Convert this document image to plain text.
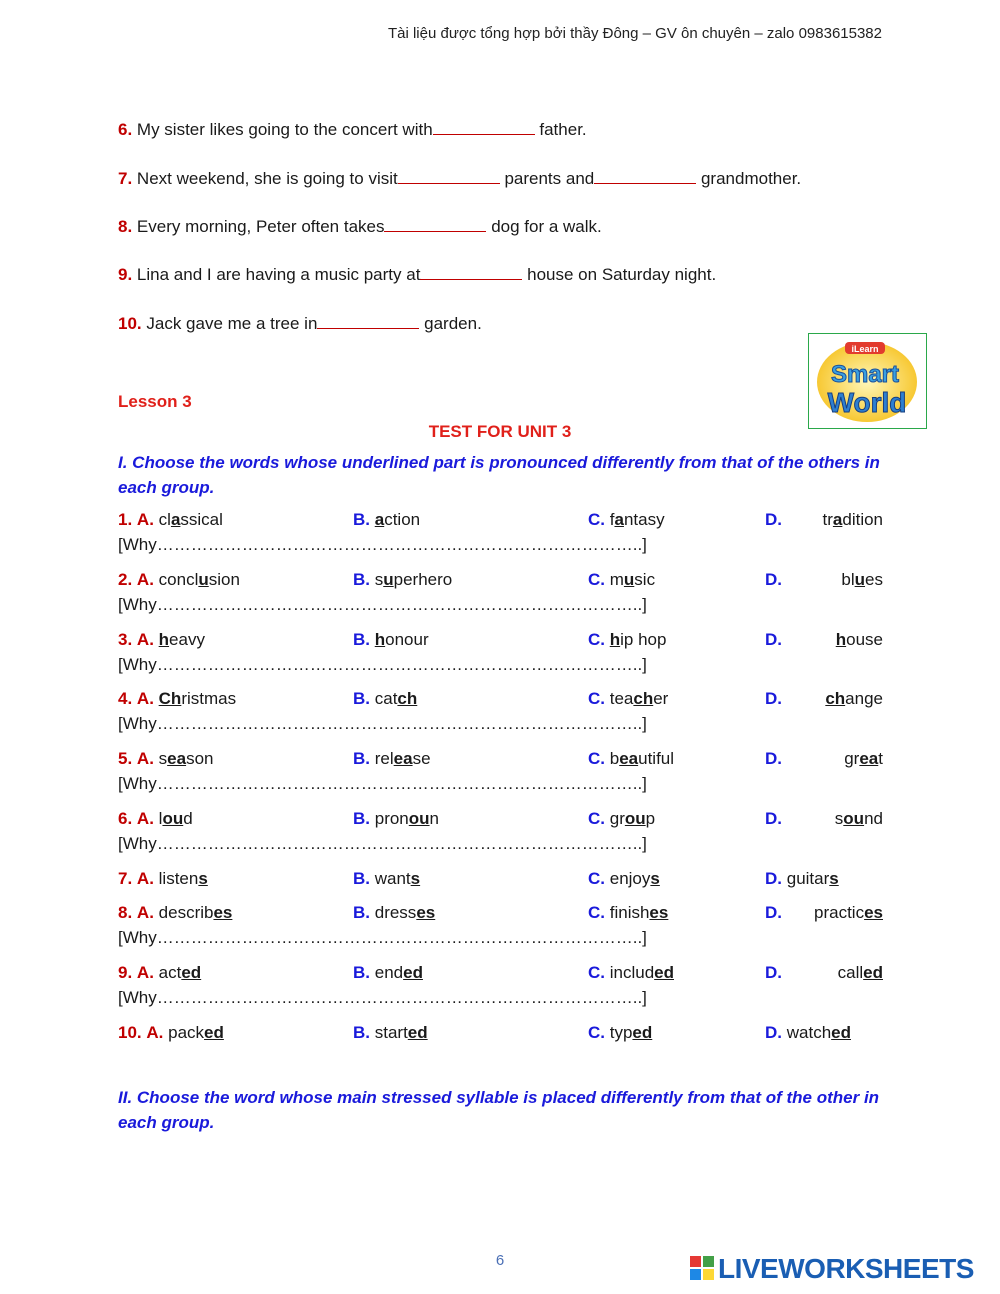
Tài liệu được tổng hợp bởi thầy Đông – GV ôn chuyên – zalo 0983615382
6. My sister likes going to the concert with	father.
7. Next weekend, she is going to visit	parents and	grandmother.
8. Every morning, Peter often takes	dog for a walk.
9. Lina and I are having a music party at	house on Saturday night.
10. Jack gave me a tree in	garden.
iLearn
Smart
World
Lesson 3
TEST FOR UNIT 3
I. Choose the words whose underlined part is pronounced differently from that of the others in each group.
1. A. classical	B. action	C. fantasy	D. tradition
[Why…………………………………………………………………………..]
2. A. conclusion	B. superhero	C. music	D.	blues
[Why…………………………………………………………………………..]
3. A. heavy	B. honour	C. hip hop	D.	house
[Why…………………………………………………………………………..]
4. A. Christmas	B. catch	C. teacher	D.	change
[Why…………………………………………………………………………..]
5. A. season	B. release	C. beautiful	D.	great
[Why…………………………………………………………………………..]
6. A. loud	B. pronoun	C. group	D.	sound
[Why…………………………………………………………………………..]
7. A. listens	B. wants	C. enjoys	D. guitars
8. A. describes	B. dresses	C. finishes	D. practices
[Why…………………………………………………………………………..]
9. A. acted	B. ended	C. included	D.	called
[Why…………………………………………………………………………..]
10. A. packed	B. started	C. typed	D. watched
II. Choose the word whose main stressed syllable is placed differently from that of the other in each group.
6	LIVEWORKSHEETS
